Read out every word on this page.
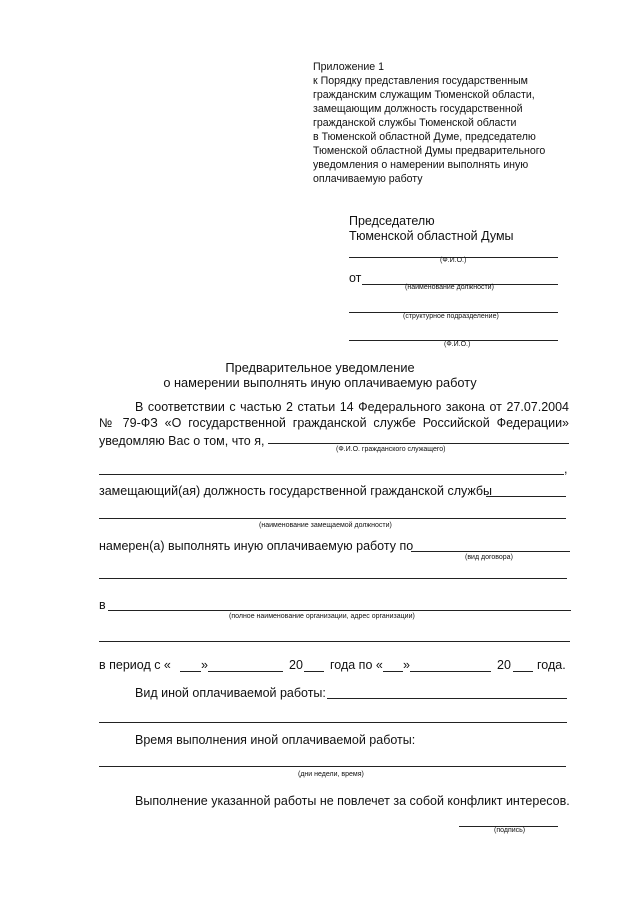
Приложение 1
к Порядку представления государственным
гражданским служащим Тюменской области,
замещающим должность государственной
гражданской службы Тюменской области
в Тюменской областной Думе, председателю
Тюменской областной Думы предварительного
уведомления о намерении выполнять иную
оплачиваемую работу
Председателю
Тюменской областной Думы
(Ф.И.О.)
от
(наименование должности)
(структурное подразделение)
(Ф.И.О.)
Предварительное уведомление
о намерении выполнять иную оплачиваемую работу
В соответствии с частью 2 статьи 14 Федерального закона от 27.07.2004
№ 79-ФЗ «О государственной гражданской службе Российской Федерации»
уведомляю Вас о том, что я,
(Ф.И.О. гражданского служащего)
,
замещающий(ая) должность государственной гражданской службы
(наименование замещаемой должности)
намерен(а) выполнять иную оплачиваемую работу по
(вид договора)
в
(полное наименование организации, адрес организации)
в период с « »	20 года по « »	20 года.
Вид иной оплачиваемой работы:
Время выполнения иной оплачиваемой работы:
(дни недели, время)
Выполнение указанной работы не повлечет за собой конфликт интересов.
(подпись)
